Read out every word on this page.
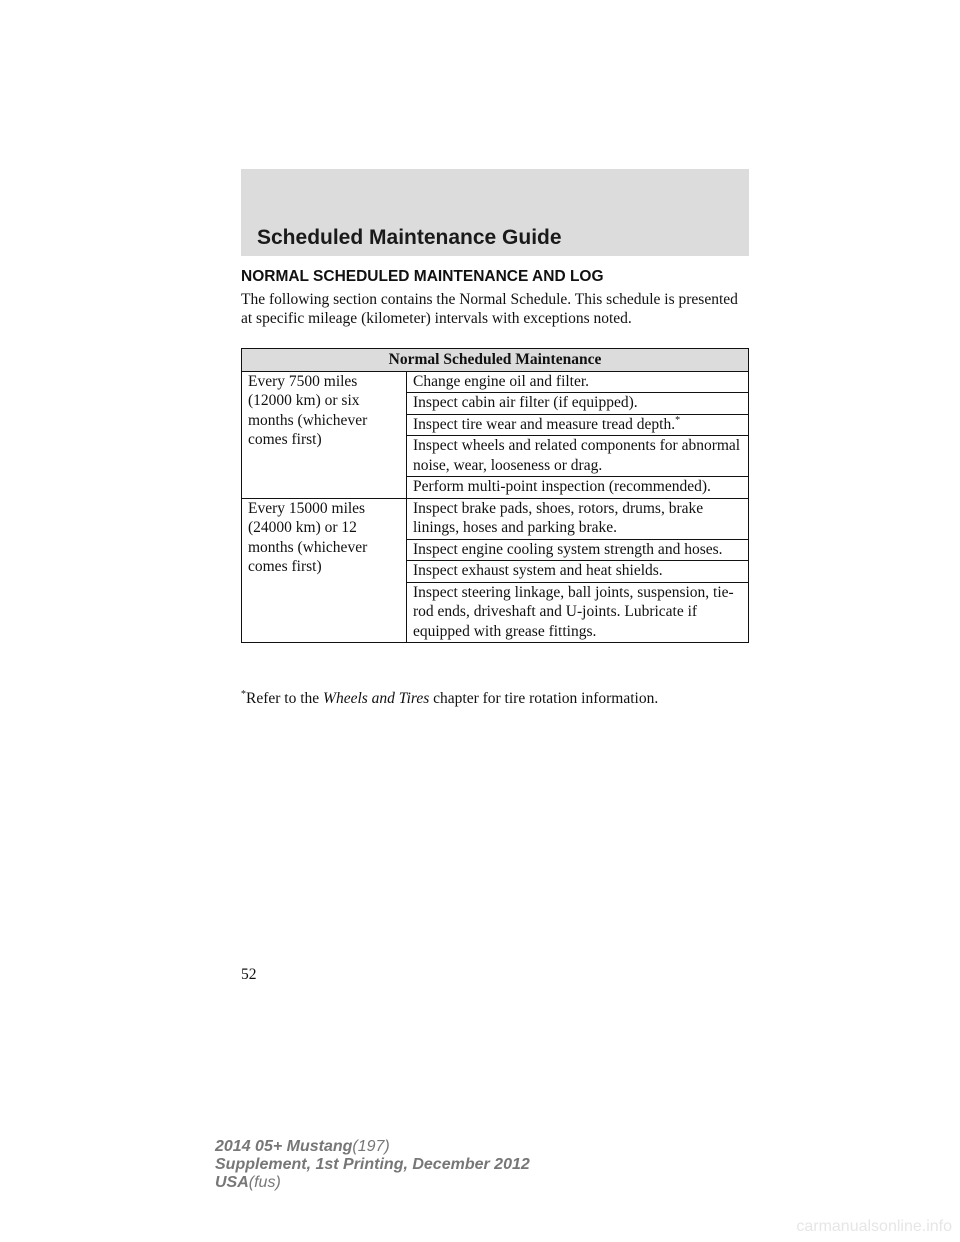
Scheduled Maintenance Guide
NORMAL SCHEDULED MAINTENANCE AND LOG

The following section contains the Normal Schedule. This schedule is presented at specific mileage (kilometer) intervals with exceptions noted.

Normal Scheduled Maintenance	
Every 7500 miles (12000 km) or six months (whichever comes first)	Change engine oil and filter.
	Inspect cabin air filter (if equipped).
	Inspect tire wear and measure tread depth.*
	Inspect wheels and related components for abnormal noise, wear, looseness or drag.
	Perform multi-point inspection (recommended).
Every 15000 miles (24000 km) or 12 months (whichever comes first)	Inspect brake pads, shoes, rotors, drums, brake linings, hoses and parking brake.
	Inspect engine cooling system strength and hoses.
	Inspect exhaust system and heat shields.
	Inspect steering linkage, ball joints, suspension, tie-rod ends, driveshaft and U-joints. Lubricate if equipped with grease fittings.

*Refer to the Wheels and Tires chapter for tire rotation information.

52

2014 05+ Mustang(197)
Supplement, 1st Printing, December 2012
USA(fus)
carmanualsonline.info
